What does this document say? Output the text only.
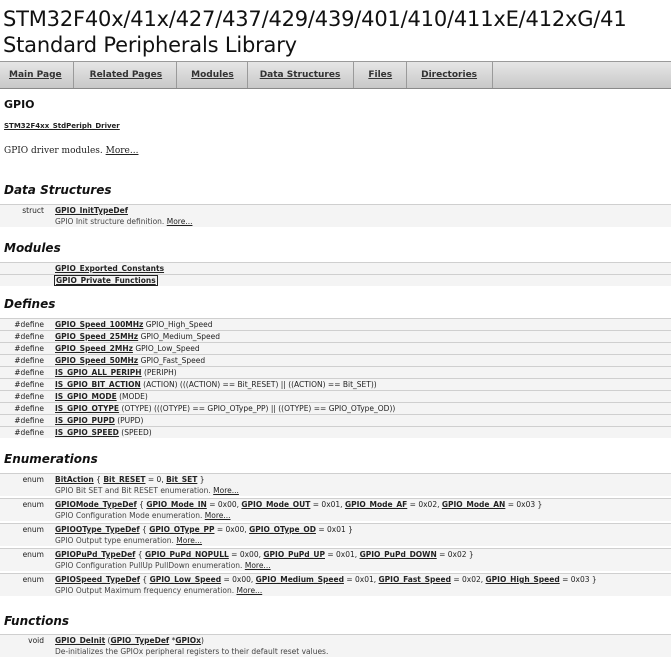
STM32F40x/41x/427/437/429/439/401/410/411xE/412xG/41
Standard Peripherals Library
Main Page	Related Pages	Modules	Data Structures	Files	Directories
GPIO
STM32F4xx_StdPeriph_Driver
GPIO driver modules. More...
Data Structures
struct GPIO_InitTypeDef
GPIO Init structure definition. More...
Modules
GPIO_Exported_Constants
GPIO_Private_Functions
Defines
#define GPIO_Speed_100MHz GPIO_High_Speed
#define GPIO_Speed_25MHz GPIO_Medium_Speed
#define GPIO_Speed_2MHz GPIO_Low_Speed
#define GPIO_Speed_50MHz GPIO_Fast_Speed
#define IS_GPIO_ALL_PERIPH (PERIPH)
#define IS_GPIO_BIT_ACTION (ACTION) (((ACTION) == Bit_RESET) || ((ACTION) == Bit_SET))
#define IS_GPIO_MODE (MODE)
#define IS_GPIO_OTYPE (OTYPE) (((OTYPE) == GPIO_OType_PP) || ((OTYPE) == GPIO_OType_OD))
#define IS_GPIO_PUPD (PUPD)
#define IS_GPIO_SPEED (SPEED)
Enumerations
enum BitAction { Bit_RESET = 0, Bit_SET }
GPIO Bit SET and Bit RESET enumeration. More...
enum GPIOMode_TypeDef { GPIO_Mode_IN = 0x00, GPIO_Mode_OUT = 0x01, GPIO_Mode_AF = 0x02, GPIO_Mode_AN = 0x03 }
GPIO Configuration Mode enumeration. More...
enum GPIOOType_TypeDef { GPIO_OType_PP = 0x00, GPIO_OType_OD = 0x01 }
GPIO Output type enumeration. More...
enum GPIOPuPd_TypeDef { GPIO_PuPd_NOPULL = 0x00, GPIO_PuPd_UP = 0x01, GPIO_PuPd_DOWN = 0x02 }
GPIO Configuration PullUp PullDown enumeration. More...
enum GPIOSpeed_TypeDef { GPIO_Low_Speed = 0x00, GPIO_Medium_Speed = 0x01, GPIO_Fast_Speed = 0x02, GPIO_High_Speed = 0x03 }
GPIO Output Maximum frequency enumeration. More...
Functions
void GPIO_DeInit (GPIO_TypeDef *GPIOx)
De-initializes the GPIOx peripheral registers to their default reset values.
